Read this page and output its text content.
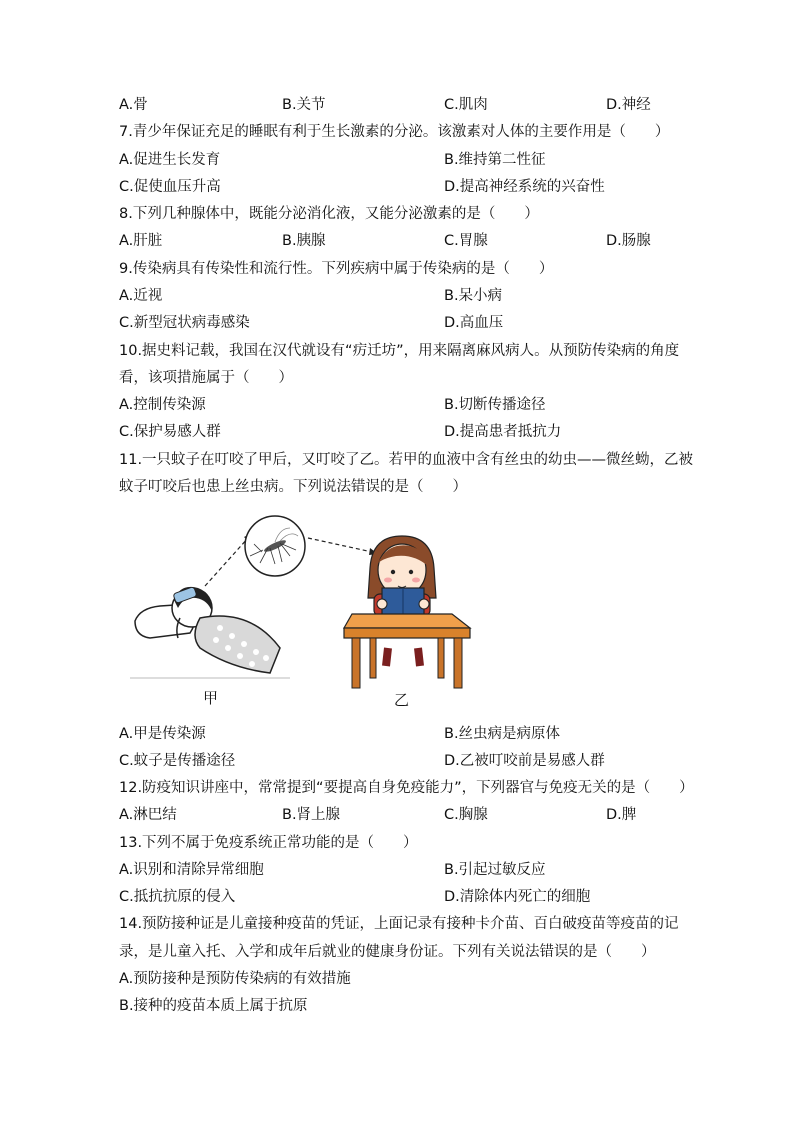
A.骨	B.关节	C.肌肉	D.神经
7.青少年保证充足的睡眠有利于生长激素的分泌。该激素对人体的主要作用是（　　）
A.促进生长发育	B.维持第二性征
C.促使血压升高	D.提高神经系统的兴奋性
8.下列几种腺体中，既能分泌消化液，又能分泌激素的是（　　）
A.肝脏	B.胰腺	C.胃腺	D.肠腺
9.传染病具有传染性和流行性。下列疾病中属于传染病的是（　　）
A.近视	B.呆小病
C.新型冠状病毒感染	D.高血压
10.据史料记载，我国在汉代就设有“疠迁坊”，用来隔离麻风病人。从预防传染病的角度
看，该项措施属于（　　）
A.控制传染源	B.切断传播途径
C.保护易感人群	D.提高患者抵抗力
11.一只蚊子在叮咬了甲后，又叮咬了乙。若甲的血液中含有丝虫的幼虫——微丝蚴，乙被
蚊子叮咬后也患上丝虫病。下列说法错误的是（　　）
甲	乙
A.甲是传染源	B.丝虫病是病原体
C.蚊子是传播途径	D.乙被叮咬前是易感人群
12.防疫知识讲座中，常常提到“要提高自身免疫能力”，下列器官与免疫无关的是（　　）
A.淋巴结	B.肾上腺	C.胸腺	D.脾
13.下列不属于免疫系统正常功能的是（　　）
A.识别和清除异常细胞	B.引起过敏反应
C.抵抗抗原的侵入	D.清除体内死亡的细胞
14.预防接种证是儿童接种疫苗的凭证，上面记录有接种卡介苗、百白破疫苗等疫苗的记
录，是儿童入托、入学和成年后就业的健康身份证。下列有关说法错误的是（　　）
A.预防接种是预防传染病的有效措施
B.接种的疫苗本质上属于抗原
